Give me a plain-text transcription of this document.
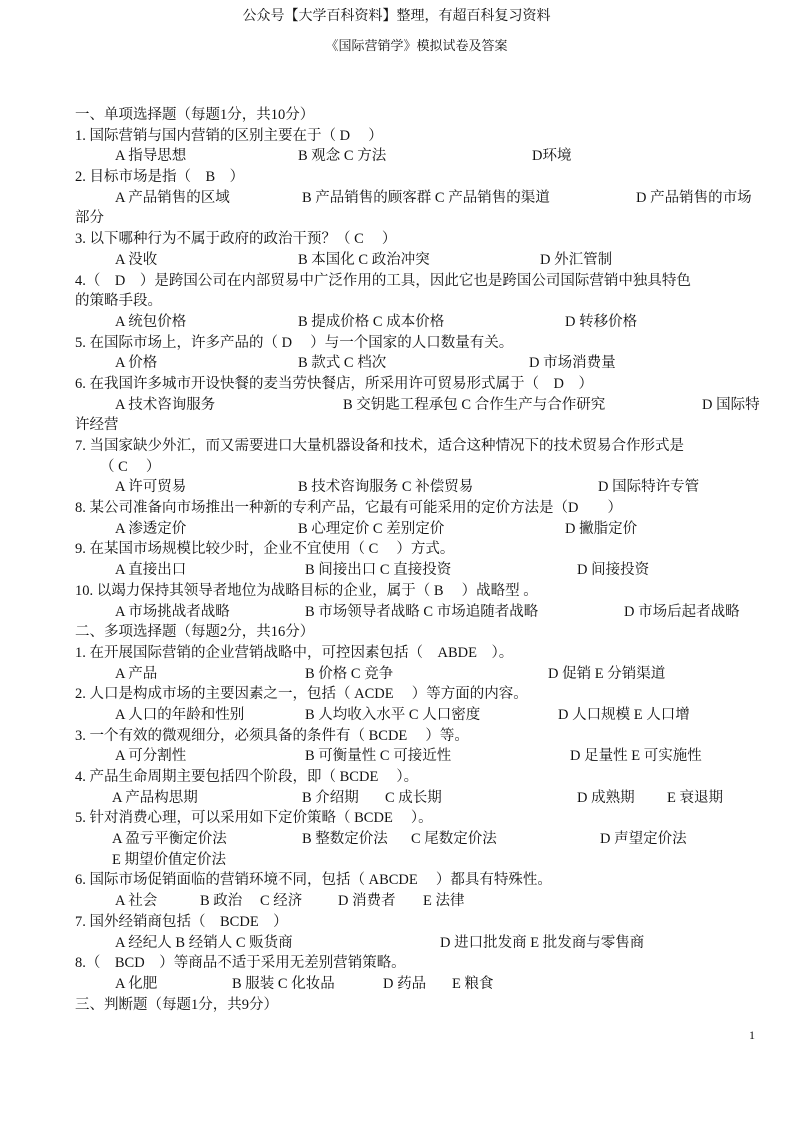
公众号【大学百科资料】整理，有超百科复习资料
《国际营销学》模拟试卷及答案
一、单项选择题（每题1分，共10分）
1. 国际营销与国内营销的区别主要在于（ D　 ）
A 指导思想	B 观念 C 方法	D环境
2. 目标市场是指（　B　）
A 产品销售的区域	B 产品销售的顾客群 C 产品销售的渠道	D 产品销售的市场
部分
3. 以下哪种行为不属于政府的政治干预？（ C　 ）
A 没收	B 本国化 C 政治冲突	D 外汇管制
4.（　D　）是跨国公司在内部贸易中广泛作用的工具，因此它也是跨国公司国际营销中独具特色
的策略手段。
A 统包价格	B 提成价格 C 成本价格	D 转移价格
5. 在国际市场上，许多产品的（ D　 ）与一个国家的人口数量有关。
A 价格	B 款式 C 档次	D 市场消费量
6. 在我国许多城市开设快餐的麦当劳快餐店，所采用许可贸易形式属于（　D　）
A 技术咨询服务	B 交钥匙工程承包 C 合作生产与合作研究	D 国际特
许经营
7. 当国家缺少外汇，而又需要进口大量机器设备和技术，适合这种情况下的技术贸易合作形式是
（ C　 ）
A 许可贸易	B 技术咨询服务 C 补偿贸易	D 国际特许专管
8. 某公司准备向市场推出一种新的专利产品，它最有可能采用的定价方法是（D　　）
A 渗透定价	B 心理定价 C 差别定价	D 撇脂定价
9. 在某国市场规模比较少时，企业不宜使用（ C　 ）方式。
A 直接出口	B 间接出口 C 直接投资	D 间接投资
10. 以竭力保持其领导者地位为战略目标的企业，属于（ B　 ）战略型 。
A 市场挑战者战略	B 市场领导者战略 C 市场追随者战略	D 市场后起者战略
二、多项选择题（每题2分，共16分）
1. 在开展国际营销的企业营销战略中，可控因素包括（　ABDE　）。
A 产品	B 价格 C 竞争	D 促销 E 分销渠道
2. 人口是构成市场的主要因素之一，包括（ ACDE　 ）等方面的内容。
A 人口的年龄和性别	B 人均收入水平 C 人口密度	D 人口规模 E 人口增
3. 一个有效的微观细分，必须具备的条件有（ BCDE　 ）等。
A 可分割性	B 可衡量性 C 可接近性	D 足量性 E 可实施性
4. 产品生命周期主要包括四个阶段，即（ BCDE　 ）。
A 产品构思期	B 介绍期 C 成长期	D 成熟期 E 衰退期
5. 针对消费心理，可以采用如下定价策略（ BCDE　 ）。
A 盈亏平衡定价法	B 整数定价法 C 尾数定价法	D 声望定价法
E 期望价值定价法
6. 国际市场促销面临的营销环境不同，包括（ ABCDE　 ）都具有特殊性。
A 社会	B 政治 C 经济 D 消费者 E 法律
7. 国外经销商包括（　BCDE　）
A 经纪人 B 经销人 C 贩货商	D 进口批发商 E 批发商与零售商
8.（　BCD　）等商品不适于采用无差别营销策略。
A 化肥	B 服装 C 化妆品	D 药品 E 粮食
三、判断题（每题1分，共9分）
1
